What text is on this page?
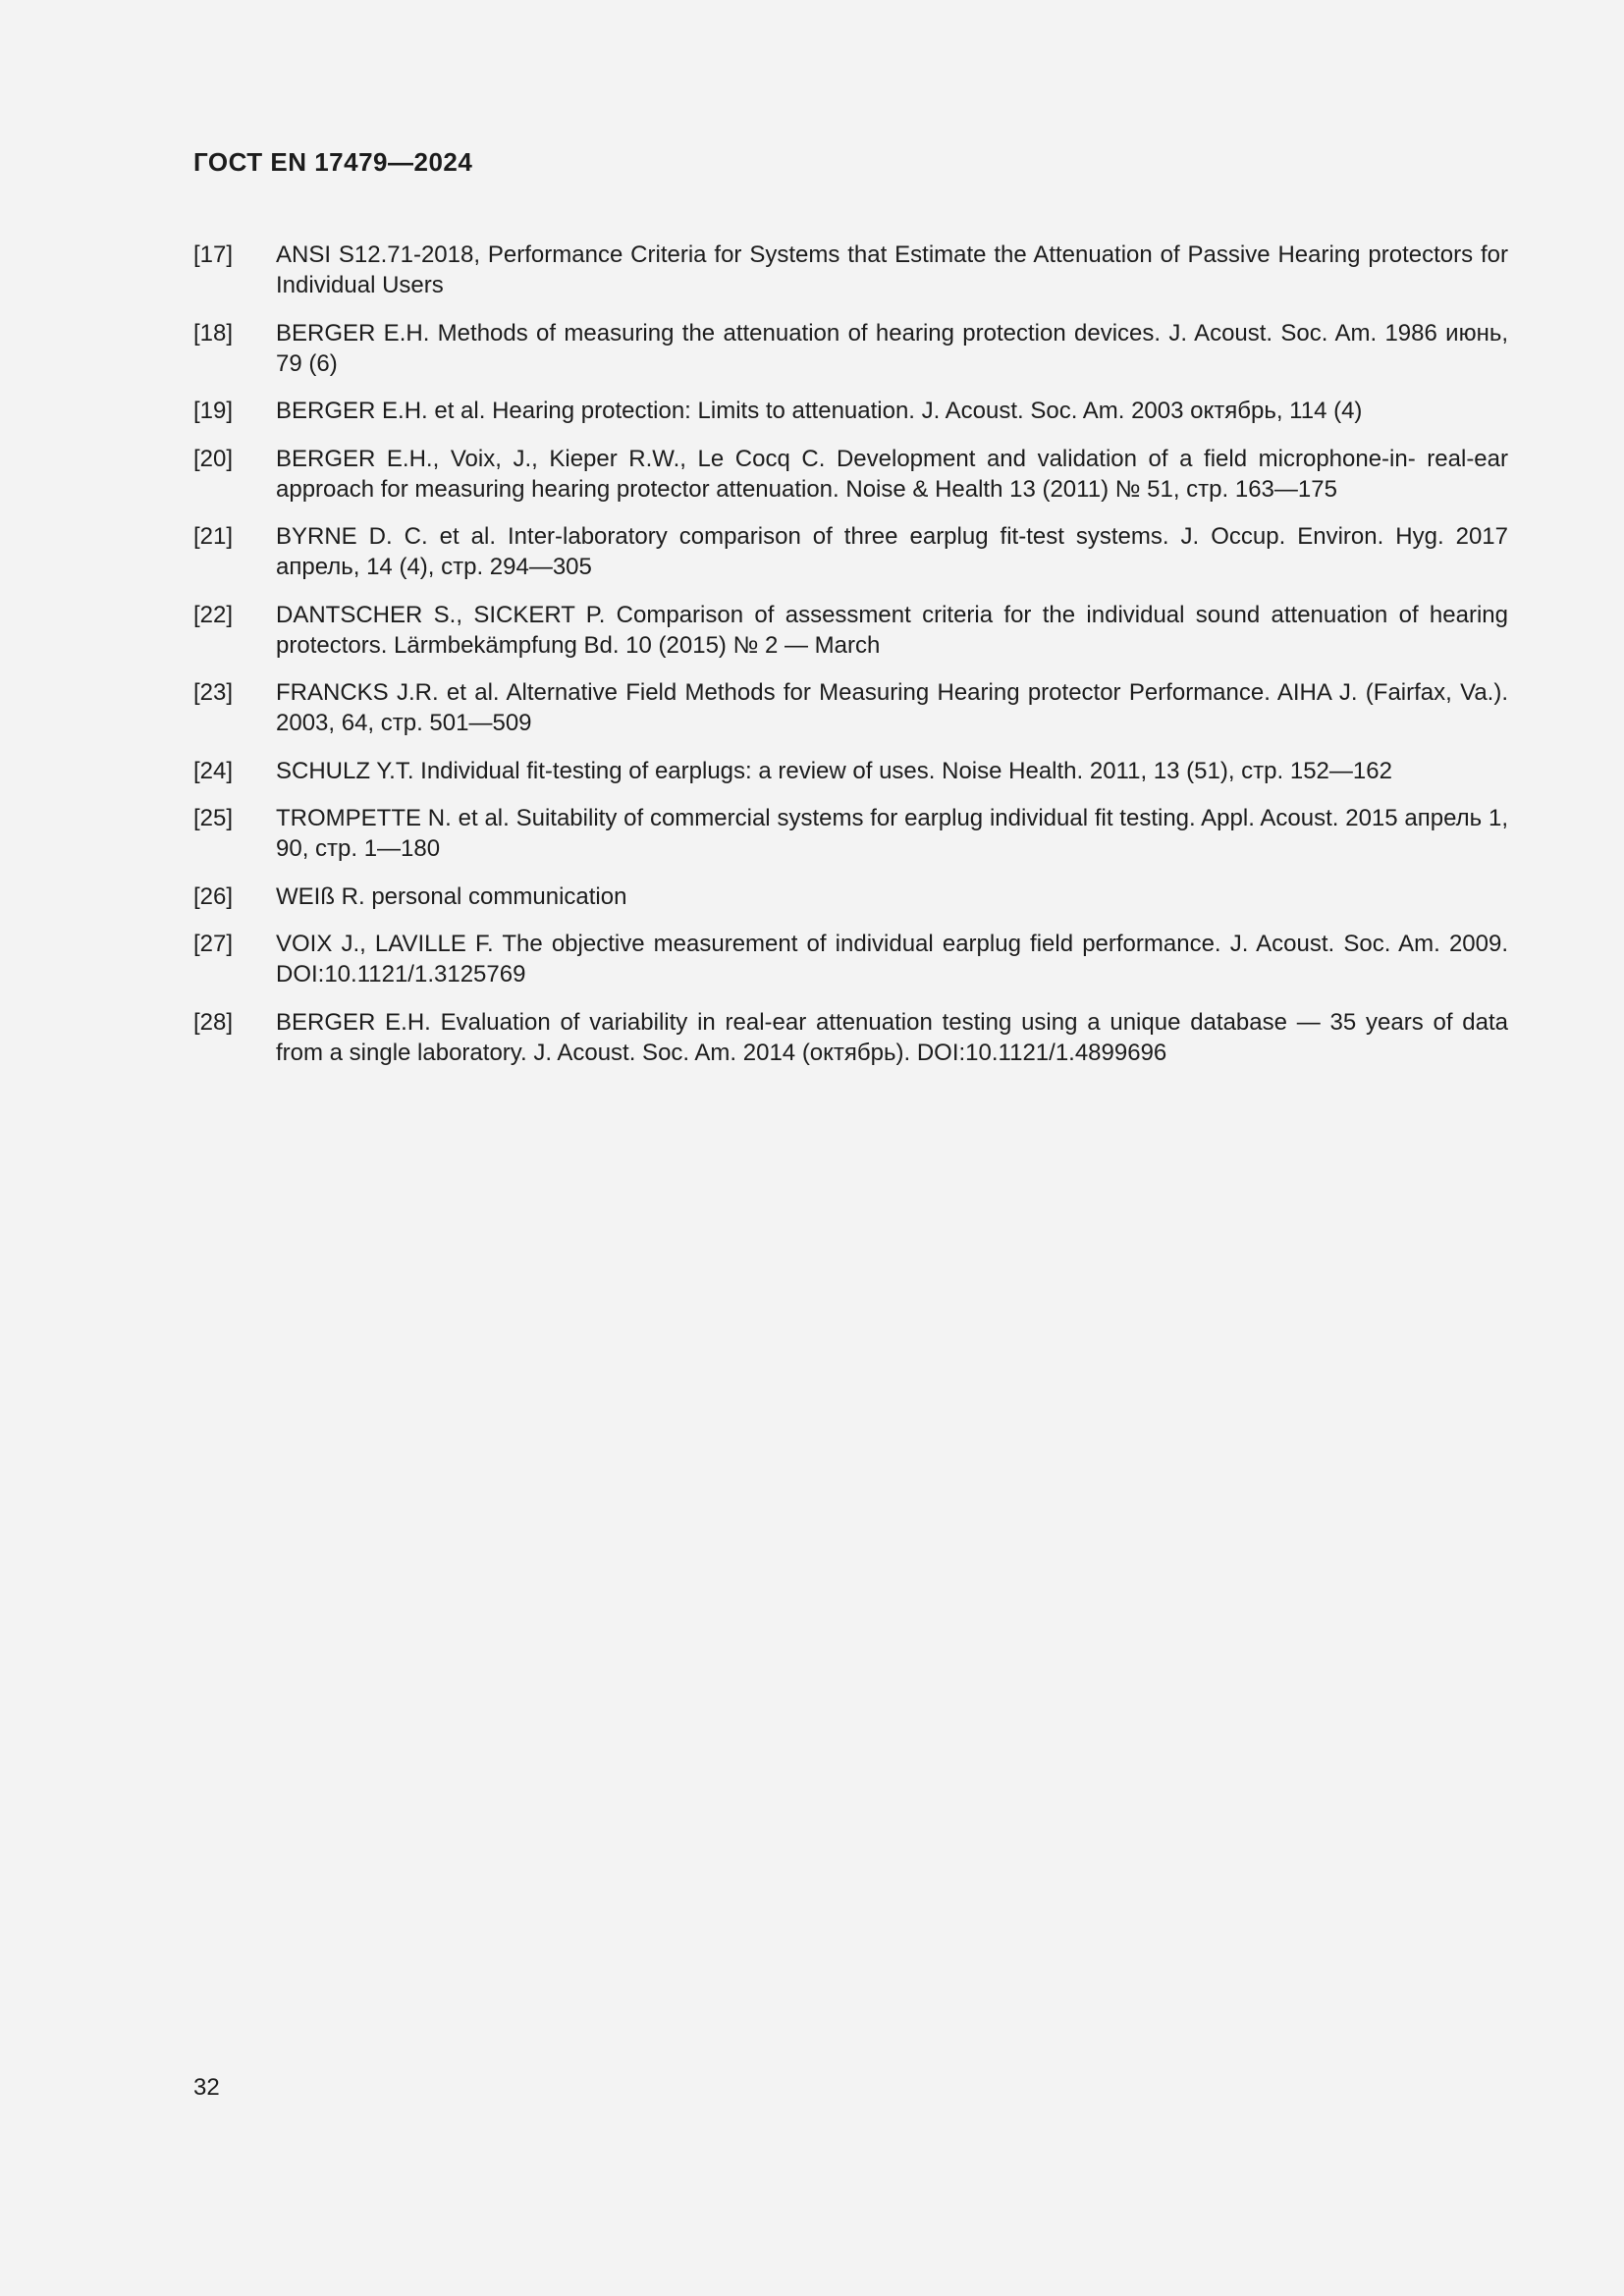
ГОСТ EN 17479—2024
[17]	ANSI S12.71-2018, Performance Criteria for Systems that Estimate the Attenuation of Passive Hearing protectors for Individual Users
[18]	BERGER E.H. Methods of measuring the attenuation of hearing protection devices. J. Acoust. Soc. Am. 1986 июнь, 79 (6)
[19]	BERGER E.H. et al. Hearing protection: Limits to attenuation. J. Acoust. Soc. Am. 2003 октябрь, 114 (4)
[20]	BERGER E.H., Voix, J., Kieper R.W., Le Cocq C. Development and validation of a field microphone-in- real-ear approach for measuring hearing protector attenuation. Noise & Health 13 (2011) № 51, стр. 163—175
[21]	BYRNE D. C. et al. Inter-laboratory comparison of three earplug fit-test systems. J. Occup. Environ. Hyg. 2017 апрель, 14 (4), стр. 294—305
[22]	DANTSCHER S., SICKERT P. Comparison of assessment criteria for the individual sound attenuation of hearing protectors. Lärmbekämpfung Bd. 10 (2015) № 2 — March
[23]	FRANCKS J.R. et al. Alternative Field Methods for Measuring Hearing protector Performance. AIHA J. (Fairfax, Va.). 2003, 64, стр. 501—509
[24]	SCHULZ Y.T. Individual fit-testing of earplugs: a review of uses. Noise Health. 2011, 13 (51), стр. 152—162
[25]	TROMPETTE N. et al. Suitability of commercial systems for earplug individual fit testing. Appl. Acoust. 2015 апрель 1, 90, стр. 1—180
[26]	WEIß R. personal communication
[27]	VOIX J., LAVILLE F. The objective measurement of individual earplug field performance. J. Acoust. Soc. Am. 2009. DOI:10.1121/1.3125769
[28]	BERGER E.H. Evaluation of variability in real-ear attenuation testing using a unique database — 35 years of data from a single laboratory. J. Acoust. Soc. Am. 2014 (октябрь). DOI:10.1121/1.4899696
32
